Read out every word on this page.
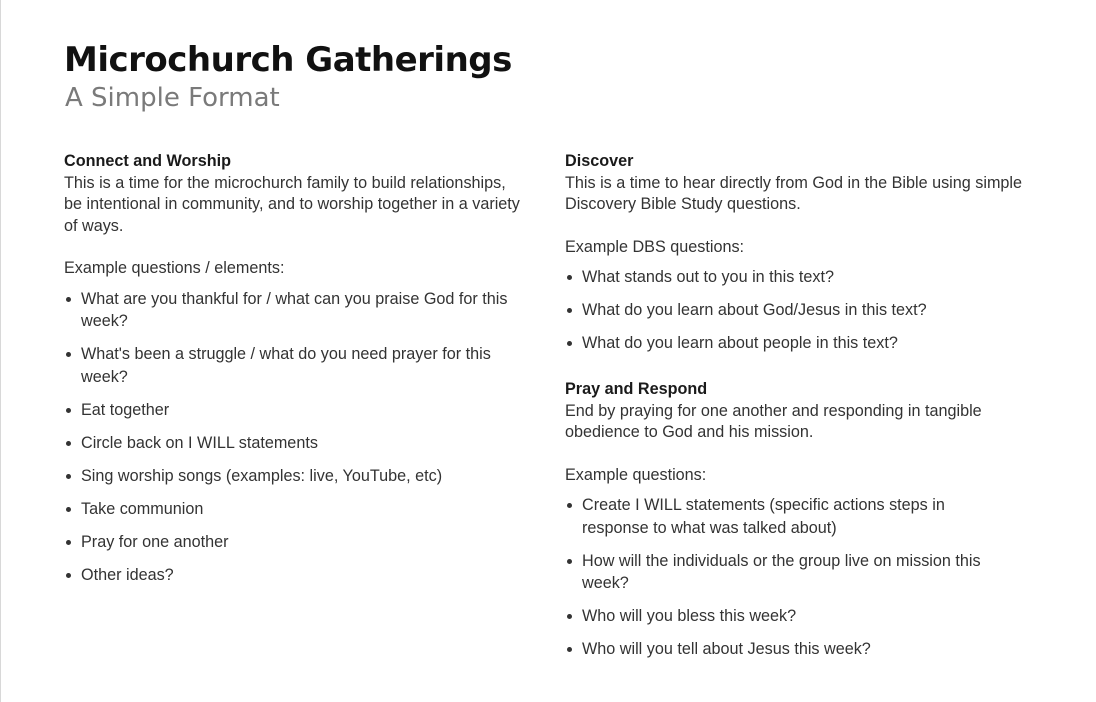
Microchurch Gatherings
A Simple Format

Connect and Worship

This is a time for the microchurch family to build relationships, be intentional in community, and to worship together in a variety of ways.

Example questions / elements:

What are you thankful for / what can you praise God for this week?
What's been a struggle / what do you need prayer for this week?
Eat together
Circle back on I WILL statements
Sing worship songs (examples: live, YouTube, etc)
Take communion
Pray for one another
Other ideas?

Discover

This is a time to hear directly from God in the Bible using simple Discovery Bible Study questions.

Example DBS questions:

What stands out to you in this text?
What do you learn about God/Jesus in this text?
What do you learn about people in this text?

Pray and Respond

End by praying for one another and responding in tangible obedience to God and his mission.

Example questions:

Create I WILL statements (specific actions steps in response to what was talked about)
How will the individuals or the group live on mission this week?
Who will you bless this week?
Who will you tell about Jesus this week?
